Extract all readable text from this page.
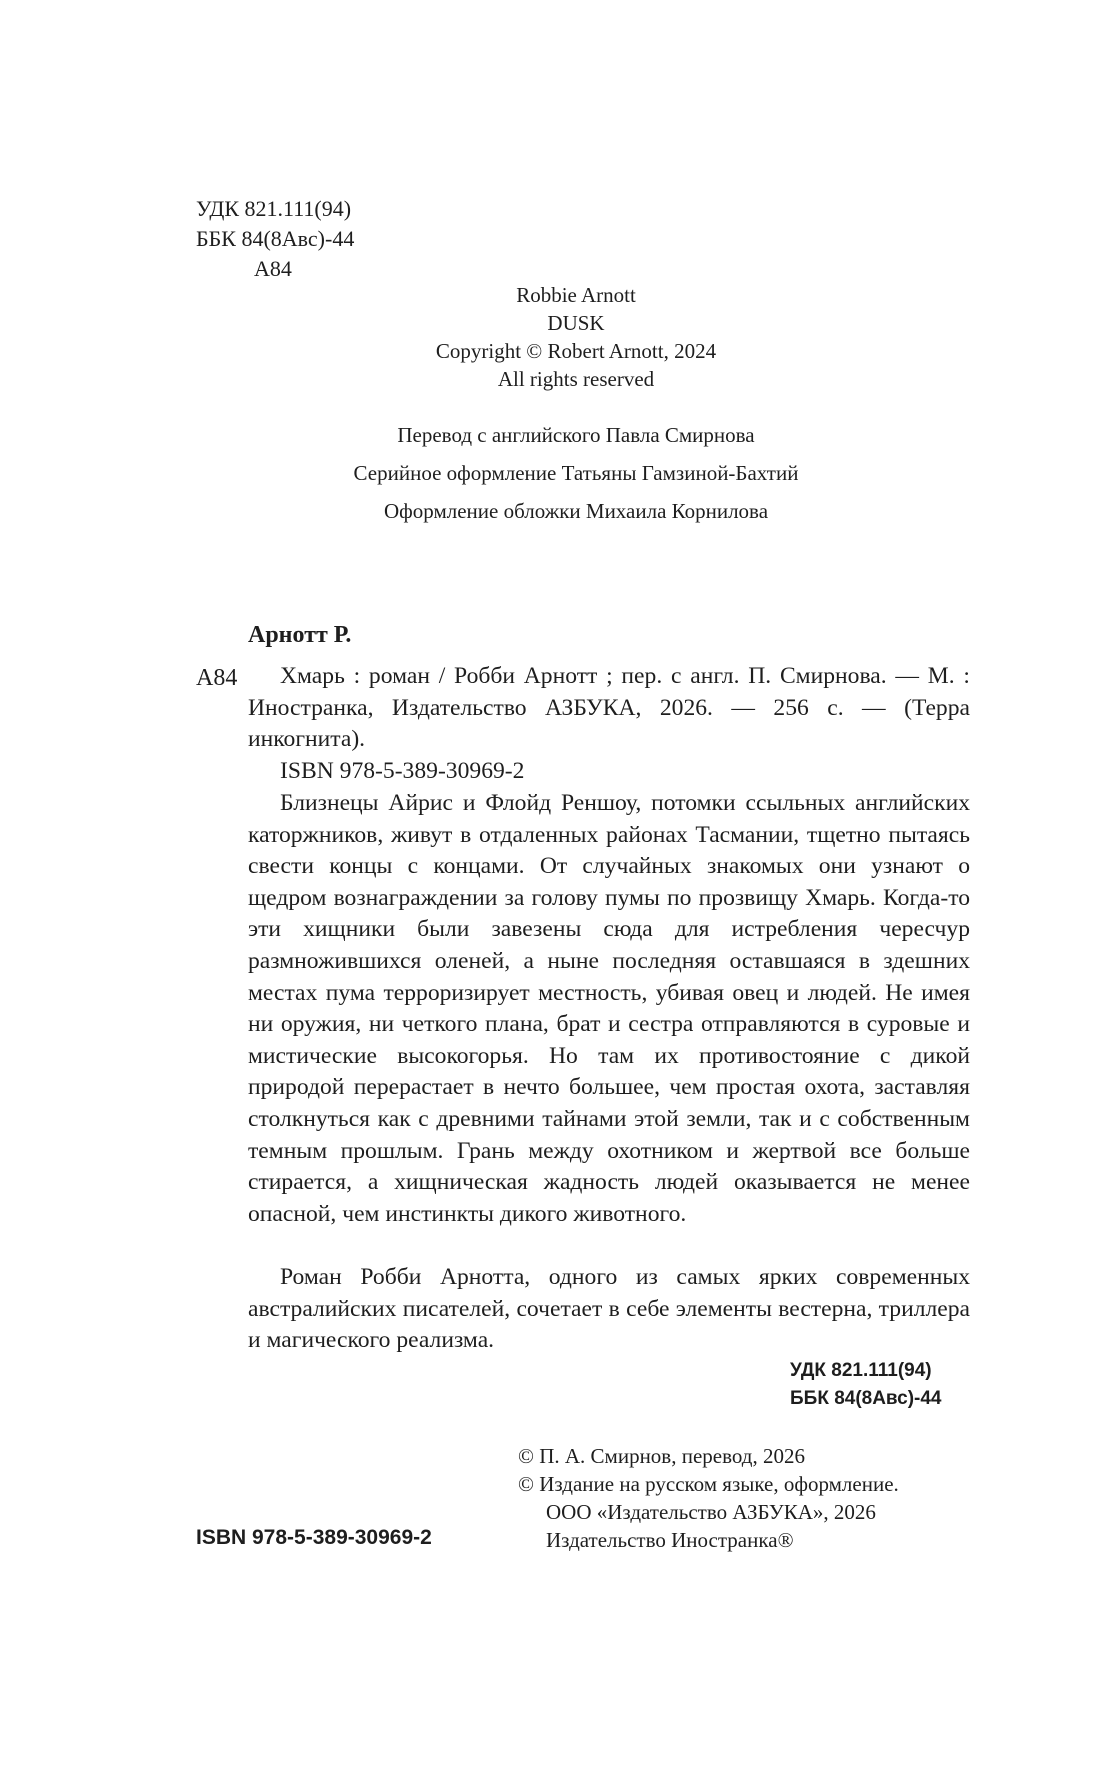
УДК 821.111(94)
ББК 84(8Авс)-44
А84
Robbie Arnott
DUSK
Copyright © Robert Arnott, 2024
All rights reserved
Перевод с английского Павла Смирнова
Серийное оформление Татьяны Гамзиной-Бахтий
Оформление обложки Михаила Корнилова
Арнотт Р.
А84	Хмарь : роман / Робби Арнотт ; пер. с англ. П. Смирнова. — М. : Иностранка, Издательство АЗБУКА, 2026. — 256 с. — (Терра инкогнита).
ISBN 978-5-389-30969-2
Близнецы Айрис и Флойд Реншоу, потомки ссыльных английских каторжников, живут в отдаленных районах Тасмании, тщетно пытаясь свести концы с концами. От случайных знакомых они узнают о щедром вознаграждении за голову пумы по прозвищу Хмарь. Когда-то эти хищники были завезены сюда для истребления чересчур размножившихся оленей, а ныне последняя оставшаяся в здешних местах пума терроризирует местность, убивая овец и людей. Не имея ни оружия, ни четкого плана, брат и сестра отправляются в суровые и мистические высокогорья. Но там их противостояние с дикой природой перерастает в нечто большее, чем простая охота, заставляя столкнуться как с древними тайнами этой земли, так и с собственным темным прошлым. Грань между охотником и жертвой все больше стирается, а хищническая жадность людей оказывается не менее опасной, чем инстинкты дикого животного.
Роман Робби Арнотта, одного из самых ярких современных австралийских писателей, сочетает в себе элементы вестерна, триллера и магического реализма.
УДК 821.111(94)
ББК 84(8Авс)-44
© П. А. Смирнов, перевод, 2026
© Издание на русском языке, оформление.
ООО «Издательство АЗБУКА», 2026
Издательство Иностранка®
ISBN 978-5-389-30969-2
